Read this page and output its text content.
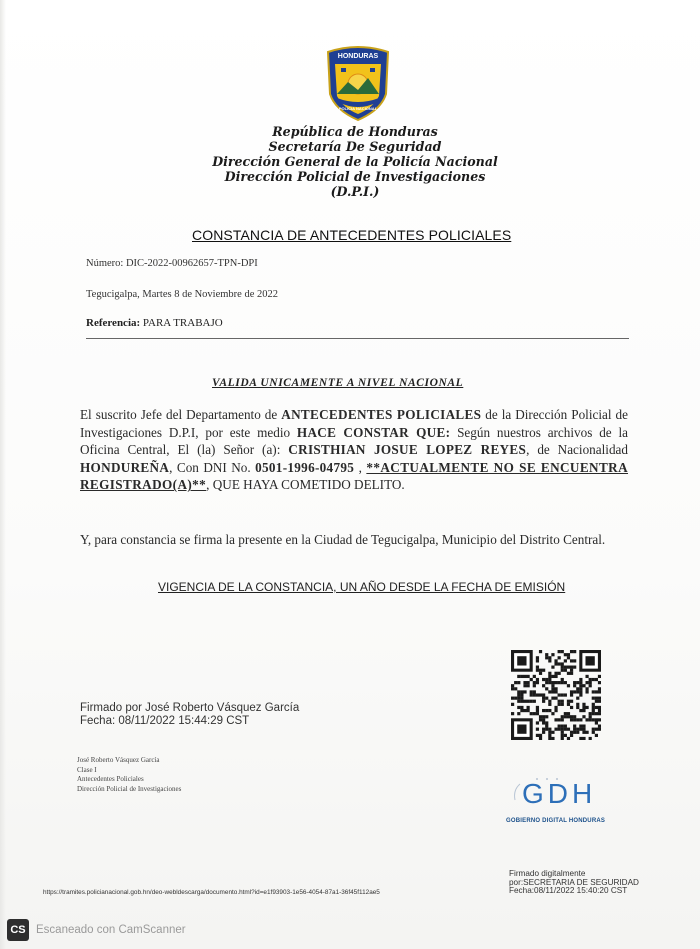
HONDURAS
POLICIA NACIONAL
República de Honduras
Secretaría De Seguridad
Dirección General de la Policía Nacional
Dirección Policial de Investigaciones
(D.P.I.)
CONSTANCIA DE ANTECEDENTES POLICIALES
Número: DIC-2022-00962657-TPN-DPI
Tegucigalpa, Martes 8 de Noviembre de 2022
Referencia: PARA TRABAJO
VALIDA UNICAMENTE A NIVEL NACIONAL
El suscrito Jefe del Departamento de ANTECEDENTES POLICIALES de la Dirección Policial de Investigaciones D.P.I, por este medio HACE CONSTAR QUE: Según nuestros archivos de la Oficina Central, El (la) Señor (a): CRISTHIAN JOSUE LOPEZ REYES, de Nacionalidad HONDUREÑA, Con DNI No. 0501-1996-04795 , **ACTUALMENTE NO SE ENCUENTRA REGISTRADO(A)**, QUE HAYA COMETIDO DELITO.
Y, para constancia se firma la presente en la Ciudad de Tegucigalpa, Municipio del Distrito Central.
VIGENCIA DE LA CONSTANCIA, UN AÑO DESDE LA FECHA DE EMISIÓN
Firmado por José Roberto Vásquez García
Fecha: 08/11/2022 15:44:29 CST
José Roberto Vásquez García
Clase I
Antecedentes Policiales
Dirección Policial de Investigaciones	GDH
GOBIERNO DIGITAL HONDURAS
Firmado digitalmente
por:SECRETARIA DE SEGURIDAD
Fecha:08/11/2022 15:40:20 CST
https://tramites.policianacional.gob.hn/deo-webldescarga/documento.html?id=e1f93903-1e56-4054-87a1-36f45f112ae5
CS Escaneado con CamScanner
